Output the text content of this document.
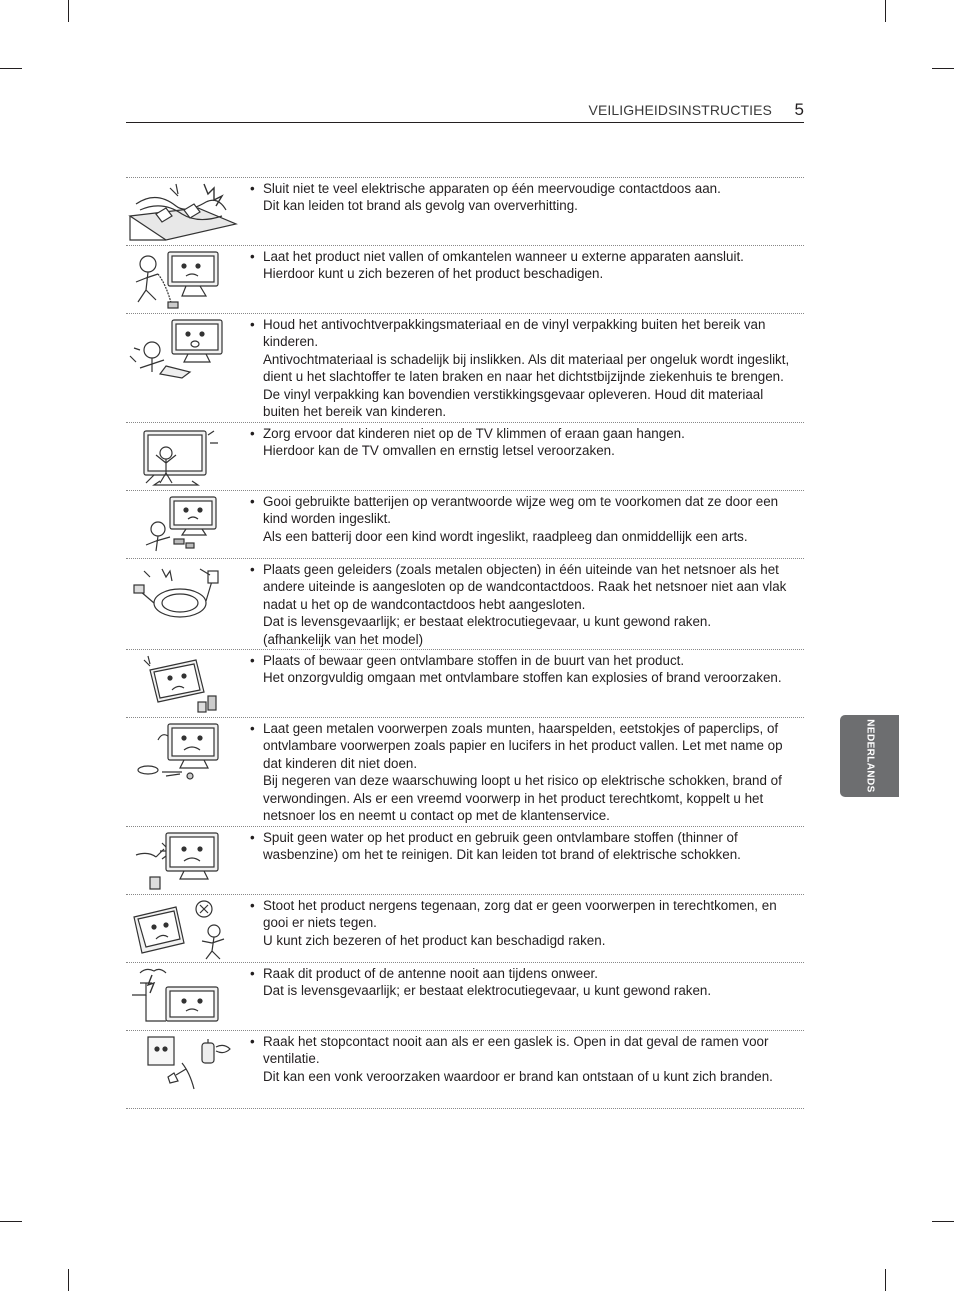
VEILIGHEIDSINSTRUCTIES 5
NEDERLANDS
• Sluit niet te veel elektrische apparaten op één meervoudige contactdoos aan.

Dit kan leiden tot brand als gevolg van oververhitting.

• Laat het product niet vallen of omkantelen wanneer u externe apparaten aansluit.

Hierdoor kunt u zich bezeren of het product beschadigen.

• Houd het antivochtverpakkingsmateriaal en de vinyl verpakking buiten het bereik van kinderen.

Antivochtmateriaal is schadelijk bij inslikken. Als dit materiaal per ongeluk wordt ingeslikt, dient u het slachtoffer te laten braken en naar het dichtstbijzijnde ziekenhuis te brengen. De vinyl verpakking kan bovendien verstikkingsgevaar opleveren. Houd dit materiaal buiten het bereik van kinderen.

• Zorg ervoor dat kinderen niet op de TV klimmen of eraan gaan hangen.

Hierdoor kan de TV omvallen en ernstig letsel veroorzaken.

• Gooi gebruikte batterijen op verantwoorde wijze weg om te voorkomen dat ze door een kind worden ingeslikt.

Als een batterij door een kind wordt ingeslikt, raadpleeg dan onmiddellijk een arts.

• Plaats geen geleiders (zoals metalen objecten) in één uiteinde van het netsnoer als het andere uiteinde is aangesloten op de wandcontactdoos. Raak het netsnoer niet aan vlak nadat u het op de wandcontactdoos hebt aangesloten.

Dat is levensgevaarlijk; er bestaat elektrocutiegevaar, u kunt gewond raken.

(afhankelijk van het model)

• Plaats of bewaar geen ontvlambare stoffen in de buurt van het product.

Het onzorgvuldig omgaan met ontvlambare stoffen kan explosies of brand veroorzaken.

• Laat geen metalen voorwerpen zoals munten, haarspelden, eetstokjes of paperclips, of ontvlambare voorwerpen zoals papier en lucifers in het product vallen. Let met name op dat kinderen dit niet doen.

Bij negeren van deze waarschuwing loopt u het risico op elektrische schokken, brand of verwondingen. Als er een vreemd voorwerp in het product terechtkomt, koppelt u het netsnoer los en neemt u contact op met de klantenservice.

• Spuit geen water op het product en gebruik geen ontvlambare stoffen (thinner of wasbenzine) om het te reinigen. Dit kan leiden tot brand of elektrische schokken.

• Stoot het product nergens tegenaan, zorg dat er geen voorwerpen in terechtkomen, en gooi er niets tegen.

U kunt zich bezeren of het product kan beschadigd raken.

• Raak dit product of de antenne nooit aan tijdens onweer.

Dat is levensgevaarlijk; er bestaat elektrocutiegevaar, u kunt gewond raken.

• Raak het stopcontact nooit aan als er een gaslek is. Open in dat geval de ramen voor ventilatie.

Dit kan een vonk veroorzaken waardoor er brand kan ontstaan of u kunt zich branden.
